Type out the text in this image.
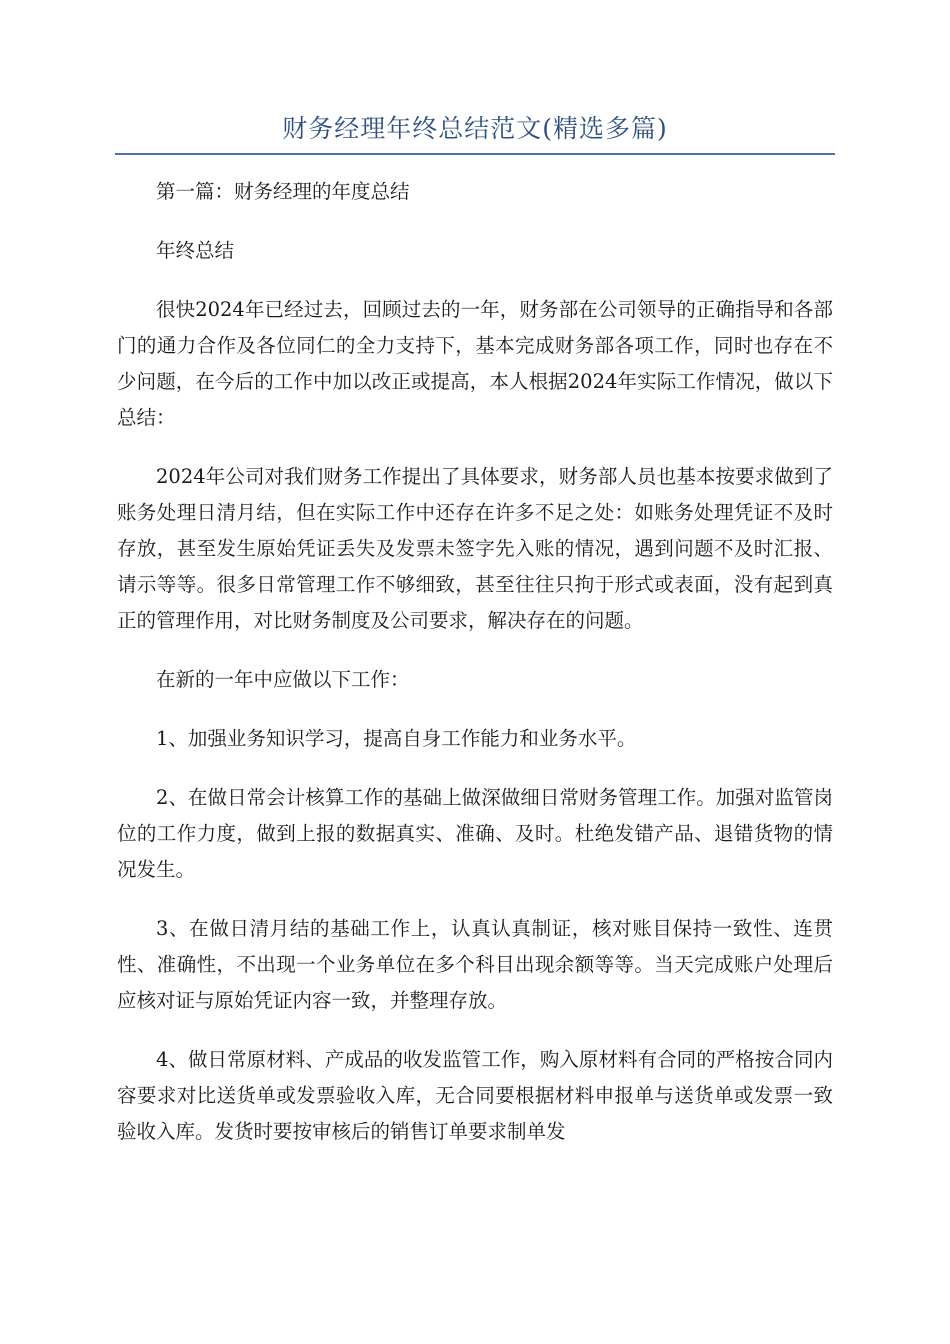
财务经理年终总结范文(精选多篇)

第一篇：财务经理的年度总结

年终总结

很快2024年已经过去，回顾过去的一年，财务部在公司领导的正确指导和各部门的通力合作及各位同仁的全力支持下，基本完成财务部各项工作，同时也存在不少问题，在今后的工作中加以改正或提高，本人根据2024年实际工作情况，做以下总结：

2024年公司对我们财务工作提出了具体要求，财务部人员也基本按要求做到了账务处理日清月结，但在实际工作中还存在许多不足之处：如账务处理凭证不及时存放，甚至发生原始凭证丢失及发票未签字先入账的情况，遇到问题不及时汇报、请示等等。很多日常管理工作不够细致，甚至往往只拘于形式或表面，没有起到真正的管理作用，对比财务制度及公司要求，解决存在的问题。

在新的一年中应做以下工作：

1、加强业务知识学习，提高自身工作能力和业务水平。

2、在做日常会计核算工作的基础上做深做细日常财务管理工作。加强对监管岗位的工作力度，做到上报的数据真实、准确、及时。杜绝发错产品、退错货物的情况发生。

3、在做日清月结的基础工作上，认真认真制证，核对账目保持一致性、连贯性、准确性，不出现一个业务单位在多个科目出现余额等等。当天完成账户处理后应核对证与原始凭证内容一致，并整理存放。

4、做日常原材料、产成品的收发监管工作，购入原材料有合同的严格按合同内容要求对比送货单或发票验收入库，无合同要根据材料申报单与送货单或发票一致验收入库。发货时要按审核后的销售订单要求制单发
